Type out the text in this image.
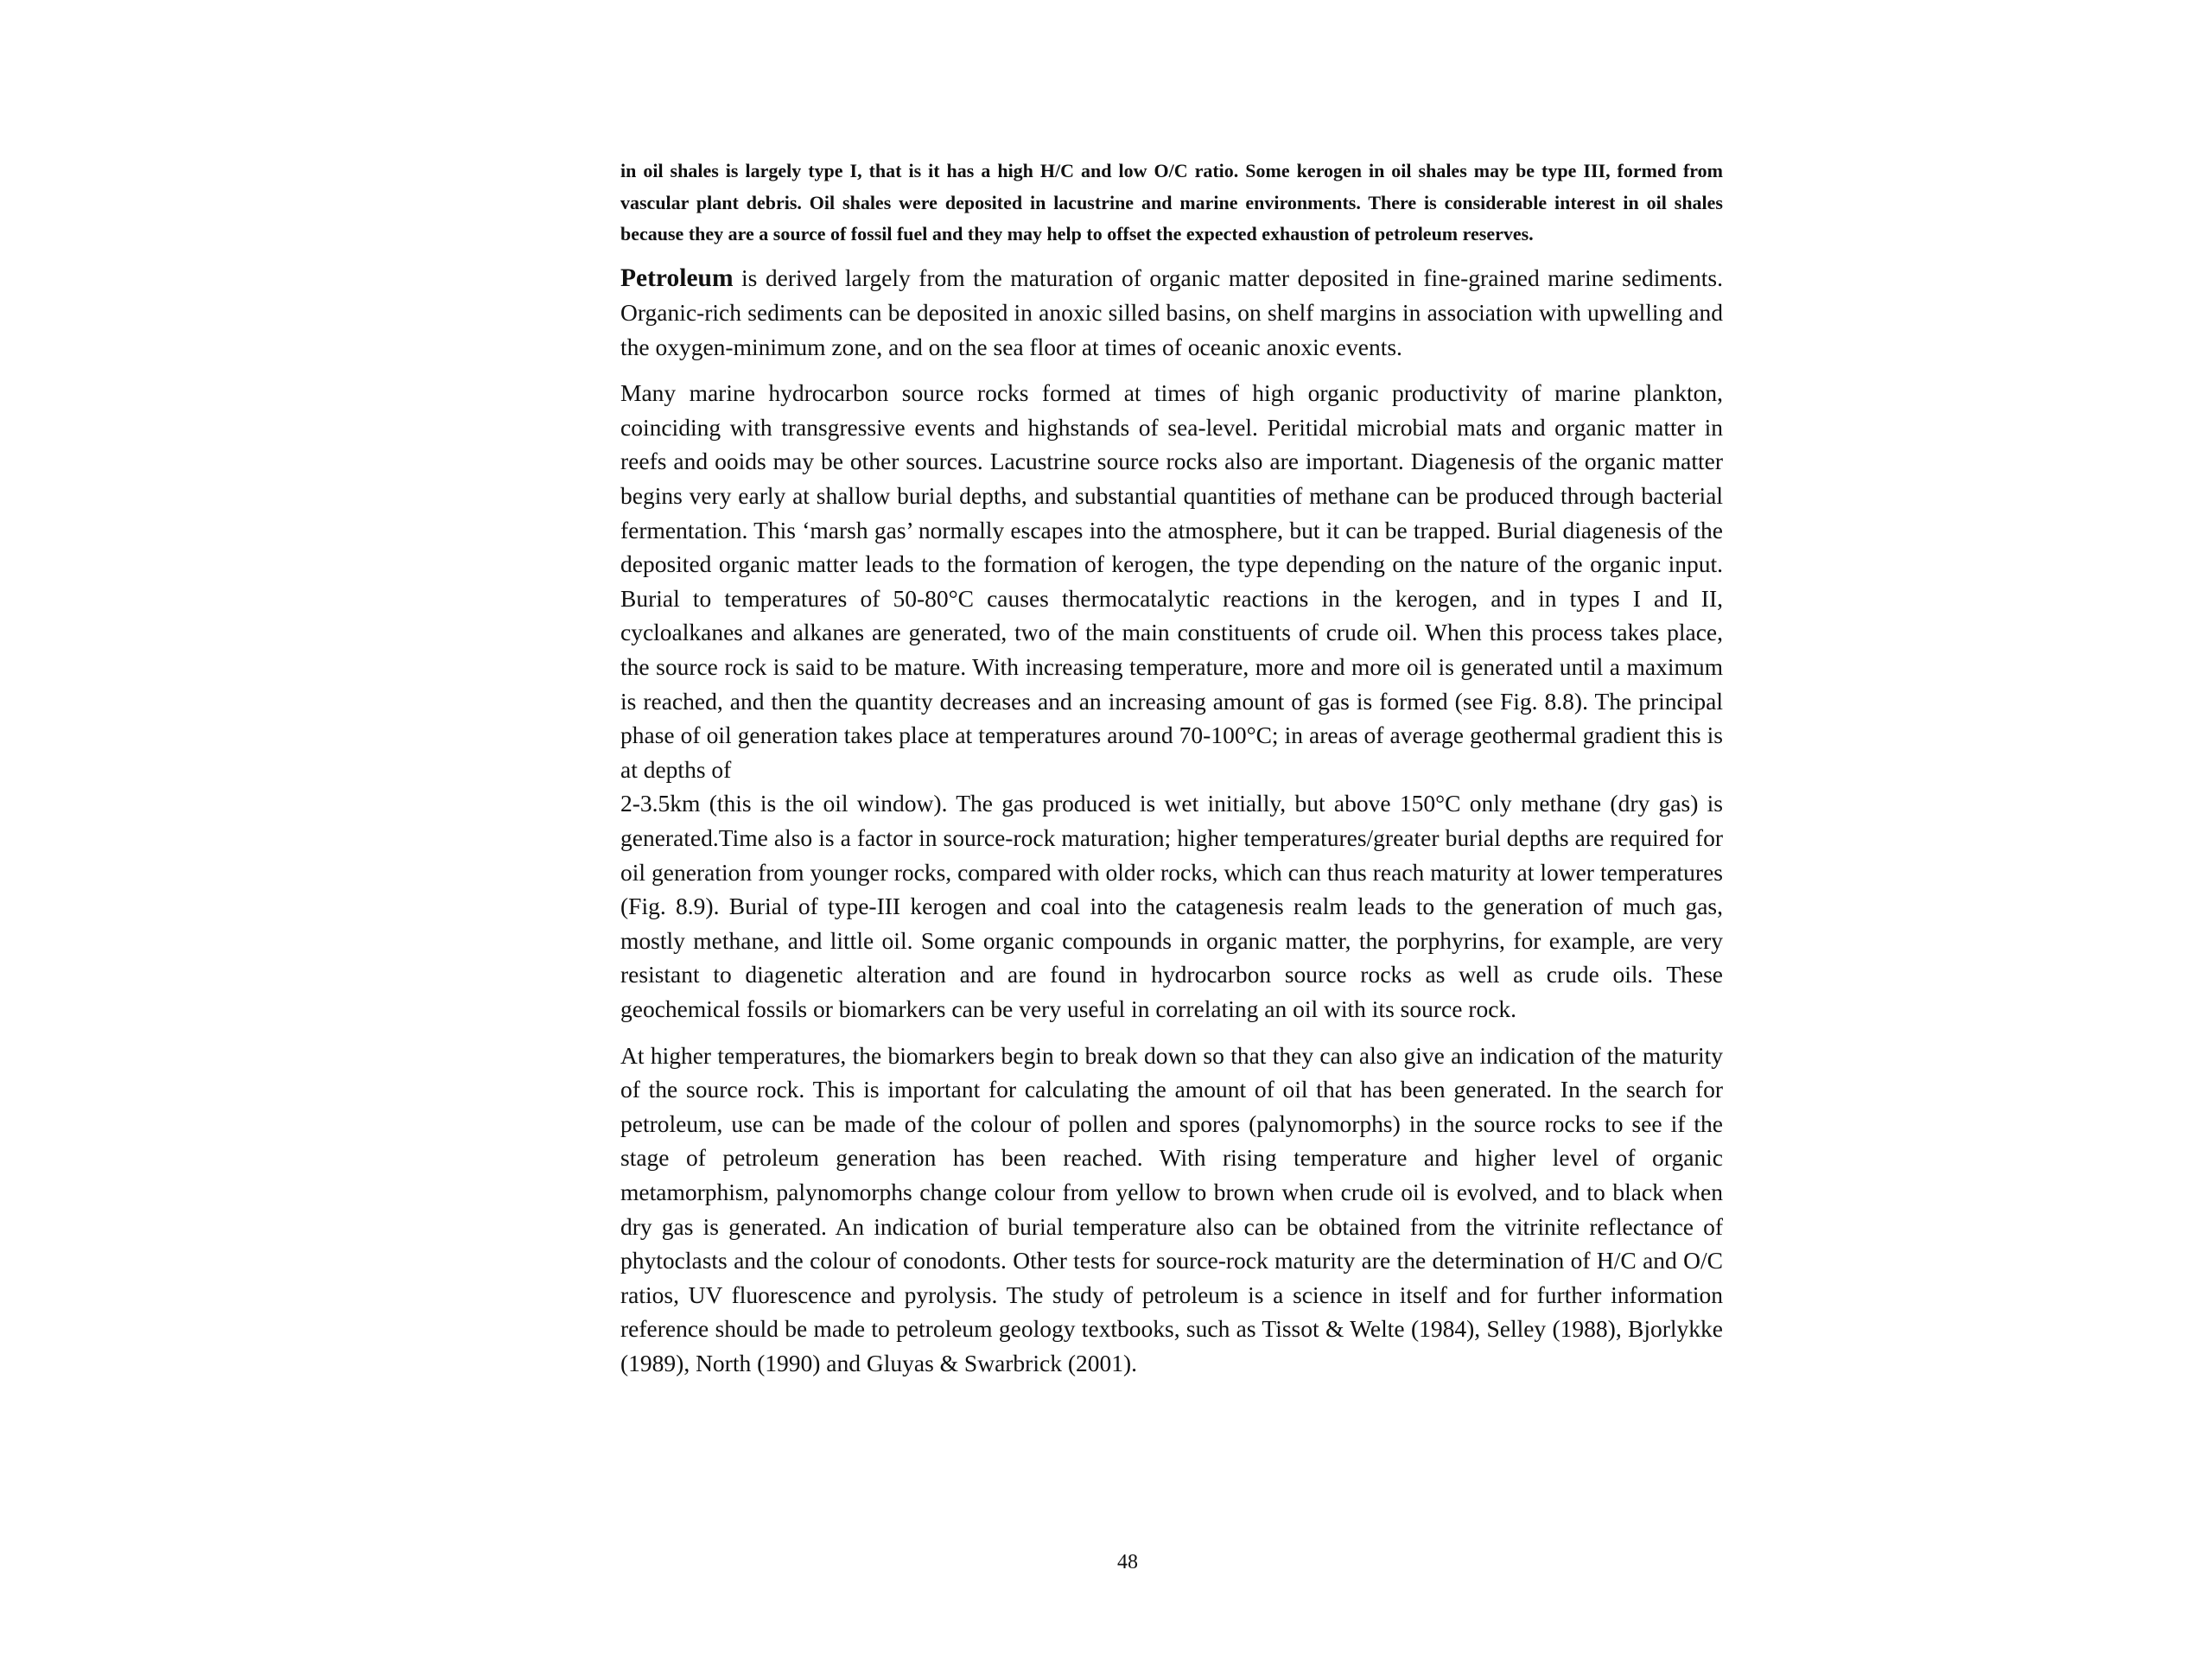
in oil shales is largely type I, that is it has a high H/C and low O/C ratio. Some kerogen in oil shales may be type III, formed from vascular plant debris. Oil shales were deposited in lacustrine and marine environments. There is considerable interest in oil shales because they are a source of fossil fuel and they may help to offset the expected exhaustion of petroleum reserves.

Petroleum is derived largely from the maturation of organic matter deposited in fine-grained marine sediments. Organic-rich sediments can be deposited in anoxic silled basins, on shelf margins in association with upwelling and the oxygen-minimum zone, and on the sea floor at times of oceanic anoxic events.

Many marine hydrocarbon source rocks formed at times of high organic productivity of marine plankton, coinciding with transgressive events and highstands of sea-level. Peritidal microbial mats and organic matter in reefs and ooids may be other sources. Lacustrine source rocks also are important. Diagenesis of the organic matter begins very early at shallow burial depths, and substantial quantities of methane can be produced through bacterial fermentation. This ‘marsh gas’ normally escapes into the atmosphere, but it can be trapped. Burial diagenesis of the deposited organic matter leads to the formation of kerogen, the type depending on the nature of the organic input. Burial to temperatures of 50-80°C causes thermocatalytic reactions in the kerogen, and in types I and II, cycloalkanes and alkanes are generated, two of the main constituents of crude oil. When this process takes place, the source rock is said to be mature. With increasing temperature, more and more oil is generated until a maximum is reached, and then the quantity decreases and an increasing amount of gas is formed (see Fig. 8.8). The principal phase of oil generation takes place at temperatures around 70-100°C; in areas of average geothermal gradient this is at depths of
2-3.5km (this is the oil window). The gas produced is wet initially, but above 150°C only methane (dry gas) is generated.Time also is a factor in source-rock maturation; higher temperatures/greater burial depths are required for oil generation from younger rocks, compared with older rocks, which can thus reach maturity at lower temperatures (Fig. 8.9). Burial of type-III kerogen and coal into the catagenesis realm leads to the generation of much gas, mostly methane, and little oil. Some organic compounds in organic matter, the porphyrins, for example, are very resistant to diagenetic alteration and are found in hydrocarbon source rocks as well as crude oils. These geochemical fossils or biomarkers can be very useful in correlating an oil with its source rock.

At higher temperatures, the biomarkers begin to break down so that they can also give an indication of the maturity of the source rock. This is important for calculating the amount of oil that has been generated. In the search for petroleum, use can be made of the colour of pollen and spores (palynomorphs) in the source rocks to see if the stage of petroleum generation has been reached. With rising temperature and higher level of organic metamorphism, palynomorphs change colour from yellow to brown when crude oil is evolved, and to black when dry gas is generated. An indication of burial temperature also can be obtained from the vitrinite reflectance of phytoclasts and the colour of conodonts. Other tests for source-rock maturity are the determination of H/C and O/C ratios, UV fluorescence and pyrolysis. The study of petroleum is a science in itself and for further information reference should be made to petroleum geology textbooks, such as Tissot & Welte (1984), Selley (1988), Bjorlykke (1989), North (1990) and Gluyas & Swarbrick (2001).

48
